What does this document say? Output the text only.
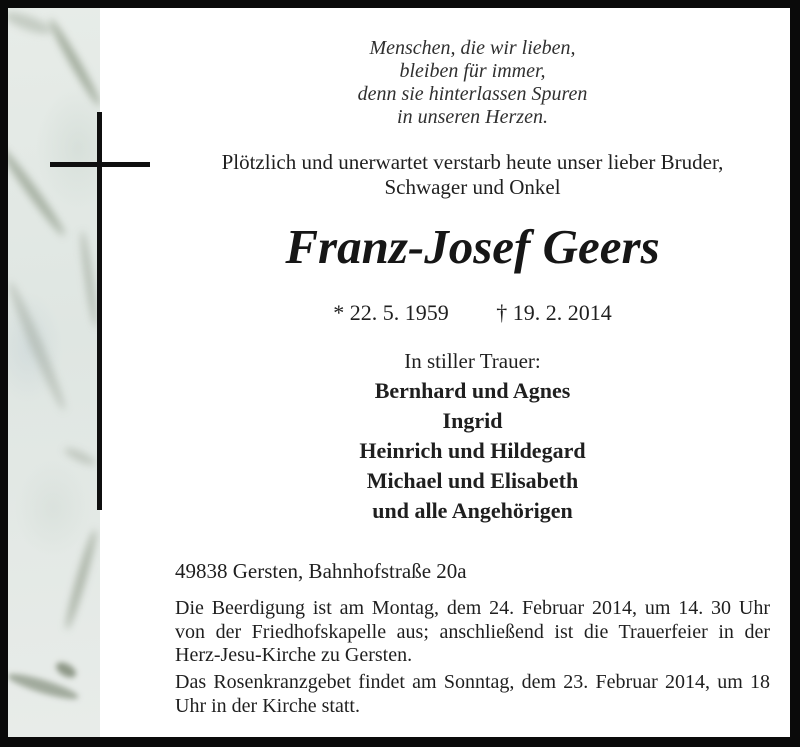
Menschen, die wir lieben,
bleiben für immer,
denn sie hinterlassen Spuren
in unseren Herzen.
Plötzlich und unerwartet verstarb heute unser lieber Bruder,
Schwager und Onkel
Franz-Josef Geers
* 22. 5. 1959 † 19. 2. 2014
In stiller Trauer:
Bernhard und Agnes
Ingrid
Heinrich und Hildegard
Michael und Elisabeth
und alle Angehörigen
49838 Gersten, Bahnhofstraße 20a
Die Beerdigung ist am Montag, dem 24. Februar 2014, um 14. 30 Uhr von der Friedhofskapelle aus; anschließend ist die Trauerfeier in der Herz-Jesu-Kirche zu Gersten.
Das Rosenkranzgebet findet am Sonntag, dem 23. Februar 2014, um 18 Uhr in der Kirche statt.
